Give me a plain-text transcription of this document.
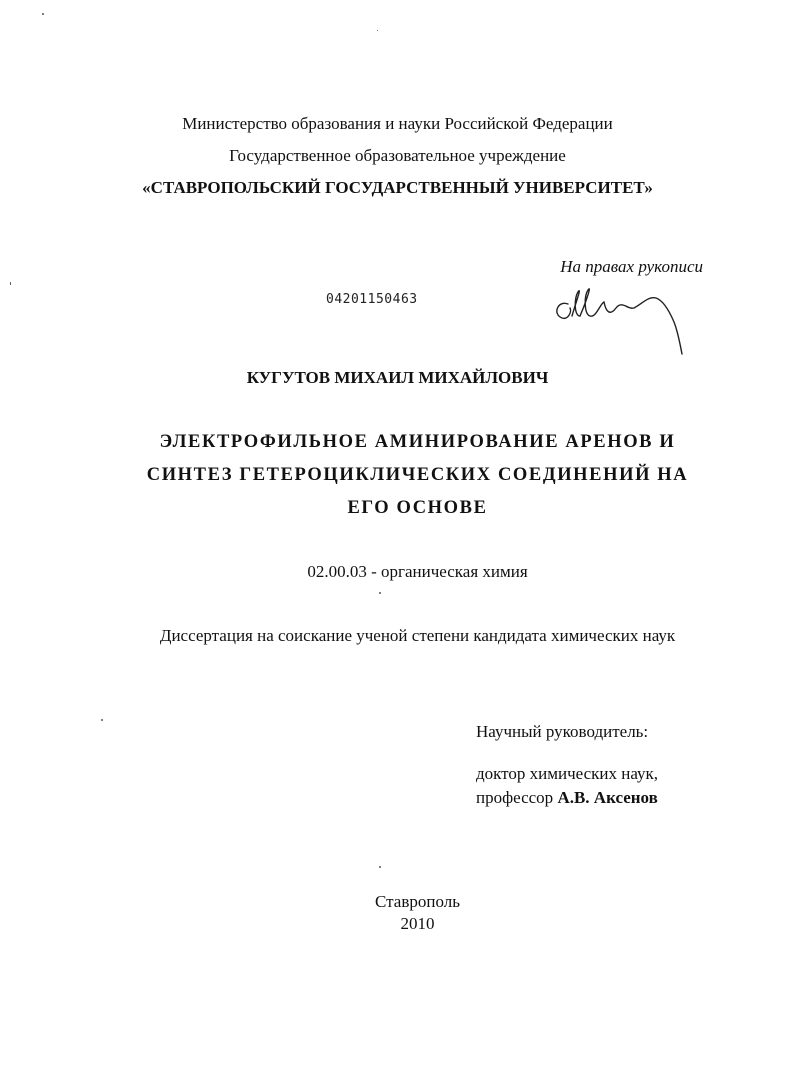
Министерство образования и науки Российской Федерации
Государственное образовательное учреждение
«СТАВРОПОЛЬСКИЙ ГОСУДАРСТВЕННЫЙ УНИВЕРСИТЕТ»
На правах рукописи
04201150463
КУГУТОВ МИХАИЛ МИХАЙЛОВИЧ
ЭЛЕКТРОФИЛЬНОЕ АМИНИРОВАНИЕ АРЕНОВ И
СИНТЕЗ ГЕТЕРОЦИКЛИЧЕСКИХ СОЕДИНЕНИЙ НА
ЕГО ОСНОВЕ
02.00.03 - органическая химия
Диссертация на соискание ученой степени кандидата химических наук
Научный руководитель:
доктор химических наук,
профессор А.В. Аксенов
Ставрополь
2010
